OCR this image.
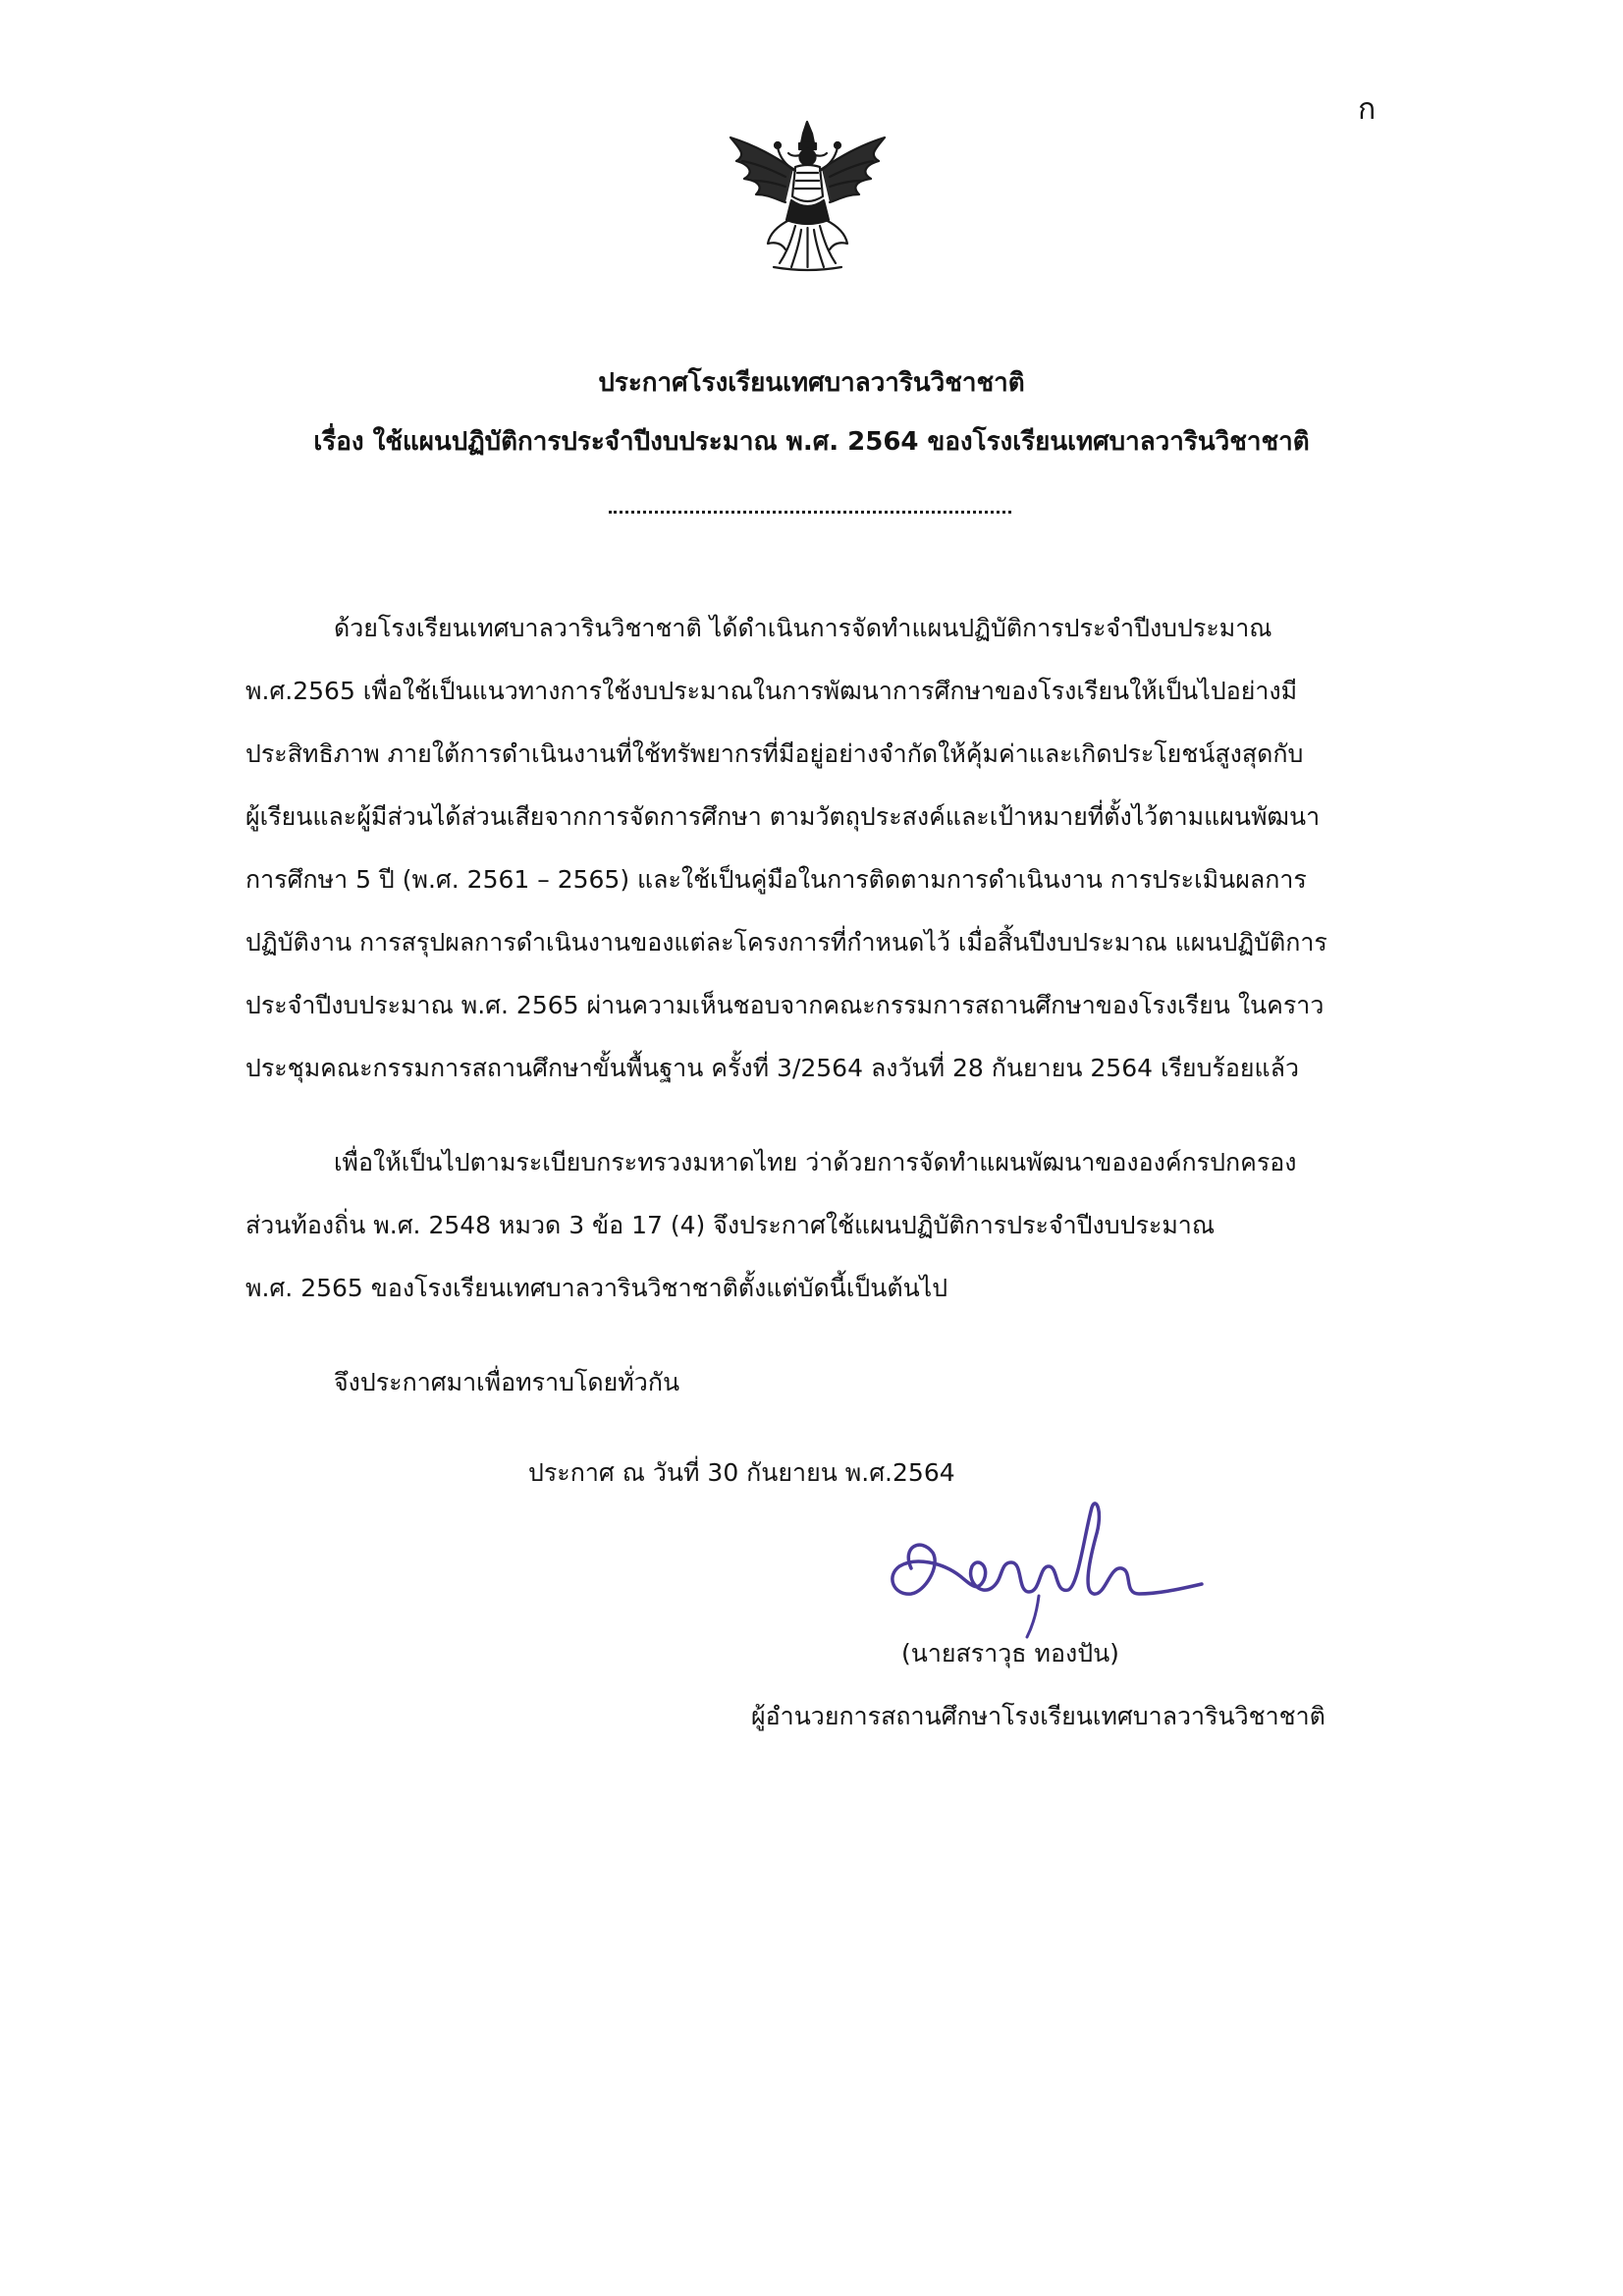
ก
ประกาศโรงเรียนเทศบาลวารินวิชาชาติ
เรื่อง ใช้แผนปฏิบัติการประจำปีงบประมาณ พ.ศ. 2564 ของโรงเรียนเทศบาลวารินวิชาชาติ
ด้วยโรงเรียนเทศบาลวารินวิชาชาติ ได้ดำเนินการจัดทำแผนปฏิบัติการประจำปีงบประมาณ
พ.ศ.2565 เพื่อใช้เป็นแนวทางการใช้งบประมาณในการพัฒนาการศึกษาของโรงเรียนให้เป็นไปอย่างมี
ประสิทธิภาพ ภายใต้การดำเนินงานที่ใช้ทรัพยากรที่มีอยู่อย่างจำกัดให้คุ้มค่าและเกิดประโยชน์สูงสุดกับ
ผู้เรียนและผู้มีส่วนได้ส่วนเสียจากการจัดการศึกษา ตามวัตถุประสงค์และเป้าหมายที่ตั้งไว้ตามแผนพัฒนา
การศึกษา 5 ปี (พ.ศ. 2561 – 2565) และใช้เป็นคู่มือในการติดตามการดำเนินงาน การประเมินผลการ
ปฏิบัติงาน การสรุปผลการดำเนินงานของแต่ละโครงการที่กำหนดไว้ เมื่อสิ้นปีงบประมาณ แผนปฏิบัติการ
ประจำปีงบประมาณ พ.ศ. 2565 ผ่านความเห็นชอบจากคณะกรรมการสถานศึกษาของโรงเรียน ในคราว
ประชุมคณะกรรมการสถานศึกษาขั้นพื้นฐาน ครั้งที่ 3/2564 ลงวันที่ 28 กันยายน 2564 เรียบร้อยแล้ว
เพื่อให้เป็นไปตามระเบียบกระทรวงมหาดไทย ว่าด้วยการจัดทำแผนพัฒนาขององค์กรปกครอง
ส่วนท้องถิ่น พ.ศ. 2548 หมวด 3 ข้อ 17 (4) จึงประกาศใช้แผนปฏิบัติการประจำปีงบประมาณ
พ.ศ. 2565 ของโรงเรียนเทศบาลวารินวิชาชาติตั้งแต่บัดนี้เป็นต้นไป
จึงประกาศมาเพื่อทราบโดยทั่วกัน
ประกาศ ณ วันที่ 30 กันยายน พ.ศ.2564
(นายสราวุธ ทองปัน)
ผู้อำนวยการสถานศึกษาโรงเรียนเทศบาลวารินวิชาชาติ
